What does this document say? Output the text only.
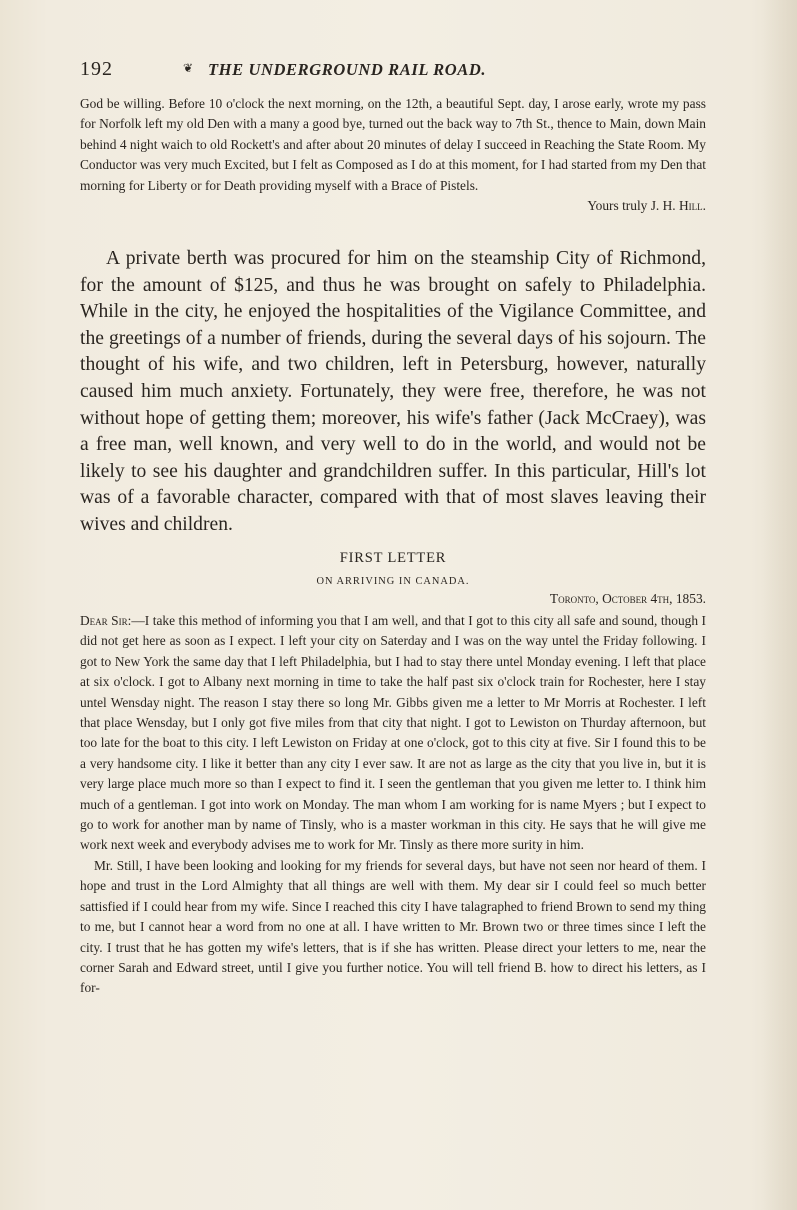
192	❦ THE UNDERGROUND RAIL ROAD.
God be willing. Before 10 o'clock the next morning, on the 12th, a beautiful Sept. day, I arose early, wrote my pass for Norfolk left my old Den with a many a good bye, turned out the back way to 7th St., thence to Main, down Main behind 4 night waich to old Rockett's and after about 20 minutes of delay I succeed in Reaching the State Room. My Conductor was very much Excited, but I felt as Composed as I do at this moment, for I had started from my Den that morning for Liberty or for Death providing myself with a Brace of Pistels.
Yours truly J. H. Hill.

A private berth was procured for him on the steamship City of Richmond, for the amount of $125, and thus he was brought on safely to Philadelphia. While in the city, he enjoyed the hospitalities of the Vigilance Committee, and the greetings of a number of friends, during the several days of his sojourn. The thought of his wife, and two children, left in Petersburg, however, naturally caused him much anxiety. Fortunately, they were free, therefore, he was not without hope of getting them; moreover, his wife's father (Jack McCraey), was a free man, well known, and very well to do in the world, and would not be likely to see his daughter and grandchildren suffer. In this particular, Hill's lot was of a favorable character, compared with that of most slaves leaving their wives and children.

FIRST LETTER
ON ARRIVING IN CANADA.
Toronto, October 4th, 1853.

Dear Sir:—I take this method of informing you that I am well, and that I got to this city all safe and sound, though I did not get here as soon as I expect. I left your city on Saterday and I was on the way untel the Friday following. I got to New York the same day that I left Philadelphia, but I had to stay there untel Monday evening. I left that place at six o'clock. I got to Albany next morning in time to take the half past six o'clock train for Rochester, here I stay untel Wensday night. The reason I stay there so long Mr. Gibbs given me a letter to Mr Morris at Rochester. I left that place Wensday, but I only got five miles from that city that night. I got to Lewiston on Thurday afternoon, but too late for the boat to this city. I left Lewiston on Friday at one o'clock, got to this city at five. Sir I found this to be a very handsome city. I like it better than any city I ever saw. It are not as large as the city that you live in, but it is very large place much more so than I expect to find it. I seen the gentleman that you given me letter to. I think him much of a gentleman. I got into work on Monday. The man whom I am working for is name Myers ; but I expect to go to work for another man by name of Tinsly, who is a master workman in this city. He says that he will give me work next week and everybody advises me to work for Mr. Tinsly as there more surity in him.

Mr. Still, I have been looking and looking for my friends for several days, but have not seen nor heard of them. I hope and trust in the Lord Almighty that all things are well with them. My dear sir I could feel so much better sattisfied if I could hear from my wife. Since I reached this city I have talagraphed to friend Brown to send my thing to me, but I cannot hear a word from no one at all. I have written to Mr. Brown two or three times since I left the city. I trust that he has gotten my wife's letters, that is if she has written. Please direct your letters to me, near the corner Sarah and Edward street, until I give you further notice. You will tell friend B. how to direct his letters, as I for-
